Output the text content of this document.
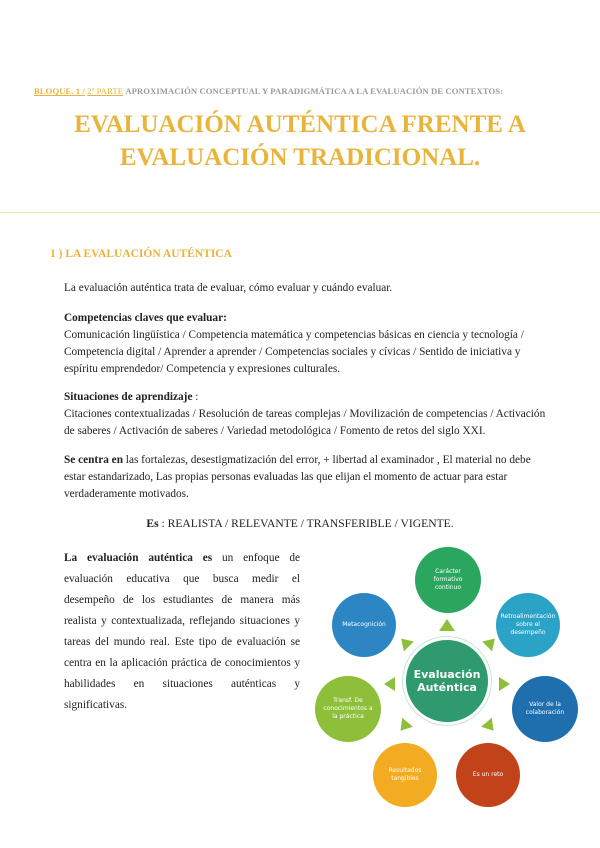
BLOQUE. 1 / 2º PARTE APROXIMACIÓN CONCEPTUAL Y PARADIGMÁTICA A LA EVALUACIÓN DE CONTEXTOS:
EVALUACIÓN AUTÉNTICA FRENTE A
EVALUACIÓN TRADICIONAL.
1 ) LA EVALUACIÓN AUTÉNTICA
La evaluación auténtica trata de evaluar, cómo evaluar y cuándo evaluar.
Competencias claves que evaluar:
Comunicación lingüística / Competencia matemática y competencias básicas en ciencia y tecnología / Competencia digital / Aprender a aprender / Competencias sociales y cívicas / Sentido de iniciativa y espíritu emprendedor/ Competencia y expresiones culturales.
Situaciones de aprendizaje :
Citaciones contextualizadas / Resolución de tareas complejas / Movilización de competencias / Activación de saberes / Activación de saberes / Variedad metodológica / Fomento de retos del siglo XXI.
Se centra en las fortalezas, desestigmatización del error, + libertad al examinador , El material no debe estar estandarizado, Las propias personas evaluadas las que elijan el momento de actuar para estar verdaderamente motivados.
Es : REALISTA / RELEVANTE / TRANSFERIBLE / VIGENTE.
La evaluación auténtica es un enfoque de evaluación educativa que busca medir el desempeño de los estudiantes de manera más realista y contextualizada, reflejando situaciones y tareas del mundo real. Este tipo de evaluación se centra en la aplicación práctica de conocimientos y habilidades en situaciones auténticas y significativas.
Carácter formativo continuo
Retroalimentación sobre el desempeño
Valor de la colaboración
Es un reto
Resultados tangibles
Transf. De conocimientos a la práctica
Metacognición
Evaluación Auténtica
